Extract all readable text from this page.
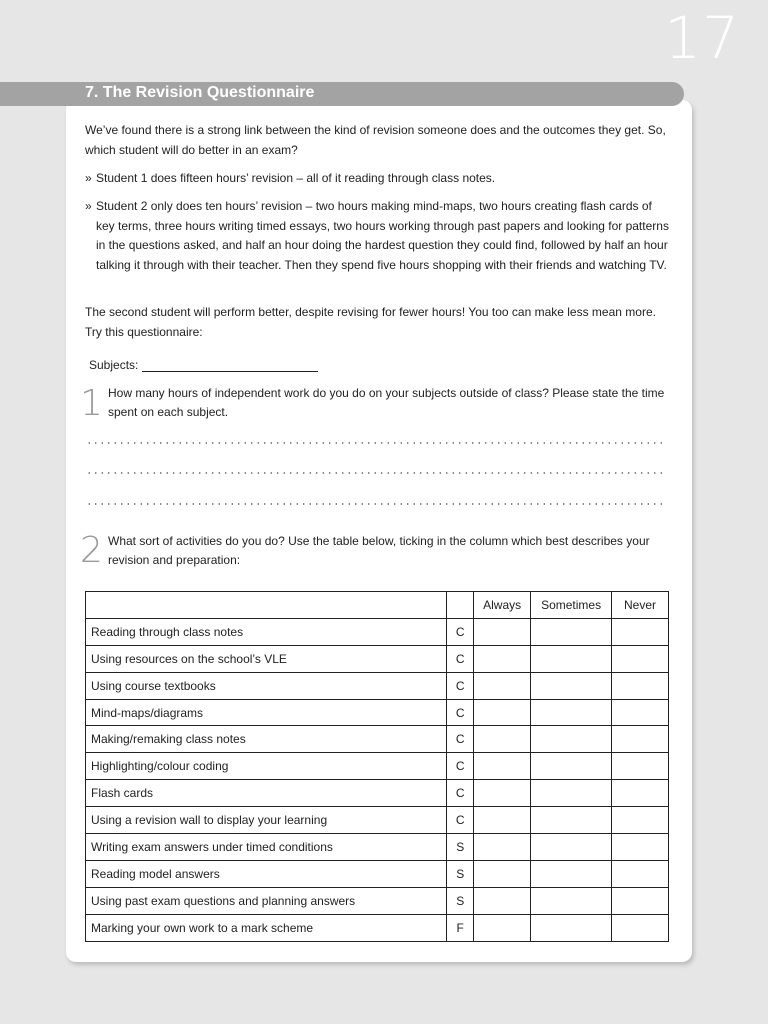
17
7. The Revision Questionnaire
We’ve found there is a strong link between the kind of revision someone does and the outcomes they get. So, which student will do better in an exam?
» Student 1 does fifteen hours’ revision – all of it reading through class notes.
» Student 2 only does ten hours’ revision – two hours making mind-maps, two hours creating flash cards of key terms, three hours writing timed essays, two hours working through past papers and looking for patterns in the questions asked, and half an hour doing the hardest question they could find, followed by half an hour talking it through with their teacher. Then they spend five hours shopping with their friends and watching TV.
The second student will perform better, despite revising for fewer hours! You too can make less mean more. Try this questionnaire:
Subjects:
1 How many hours of independent work do you do on your subjects outside of class? Please state the time spent on each subject.
2 What sort of activities do you do? Use the table below, ticking in the column which best describes your revision and preparation:
		Always	Sometimes	Never
Reading through class notes	C			
Using resources on the school’s VLE	C			
Using course textbooks	C			
Mind-maps/diagrams	C			
Making/remaking class notes	C			
Highlighting/colour coding	C			
Flash cards	C			
Using a revision wall to display your learning	C			
Writing exam answers under timed conditions	S			
Reading model answers	S			
Using past exam questions and planning answers	S			
Marking your own work to a mark scheme	F			
